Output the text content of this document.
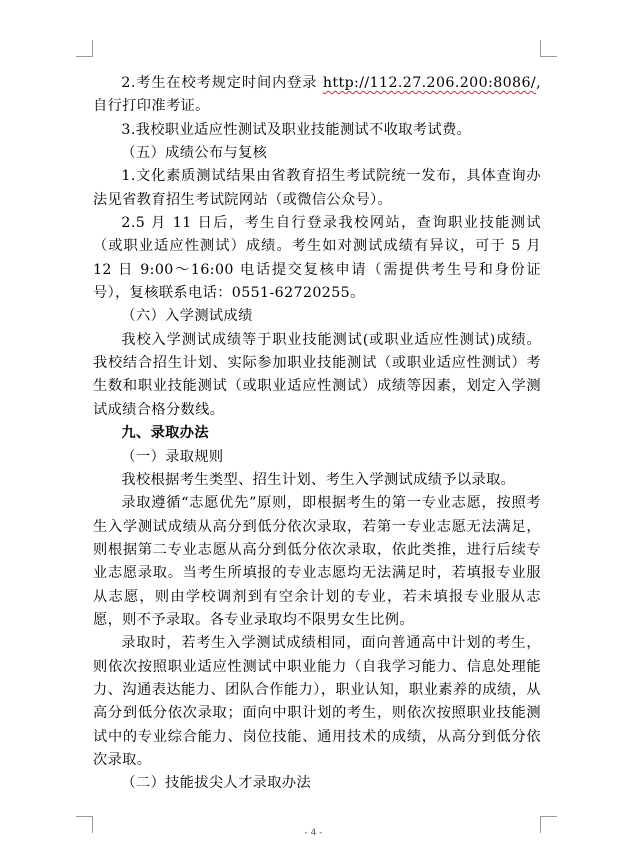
2.考生在校考规定时间内登录 http://112.27.206.200:8086/,自行打印准考证。

3.我校职业适应性测试及职业技能测试不收取考试费。

（五）成绩公布与复核

1.文化素质测试结果由省教育招生考试院统一发布，具体查询办法见省教育招生考试院网站（或微信公众号）。

2.5 月 11 日后，考生自行登录我校网站，查询职业技能测试（或职业适应性测试）成绩。考生如对测试成绩有异议，可于 5 月 12 日 9:00～16:00 电话提交复核申请（需提供考生号和身份证号），复核联系电话：0551-62720255。

（六）入学测试成绩

我校入学测试成绩等于职业技能测试(或职业适应性测试)成绩。我校结合招生计划、实际参加职业技能测试（或职业适应性测试）考生数和职业技能测试（或职业适应性测试）成绩等因素，划定入学测试成绩合格分数线。

九、录取办法

（一）录取规则

我校根据考生类型、招生计划、考生入学测试成绩予以录取。

录取遵循“志愿优先”原则，即根据考生的第一专业志愿，按照考生入学测试成绩从高分到低分依次录取，若第一专业志愿无法满足，则根据第二专业志愿从高分到低分依次录取，依此类推，进行后续专业志愿录取。当考生所填报的专业志愿均无法满足时，若填报专业服从志愿，则由学校调剂到有空余计划的专业，若未填报专业服从志愿，则不予录取。各专业录取均不限男女生比例。

录取时，若考生入学测试成绩相同，面向普通高中计划的考生，则依次按照职业适应性测试中职业能力（自我学习能力、信息处理能力、沟通表达能力、团队合作能力），职业认知，职业素养的成绩，从高分到低分依次录取；面向中职计划的考生，则依次按照职业技能测试中的专业综合能力、岗位技能、通用技术的成绩，从高分到低分依次录取。

（二）技能拔尖人才录取办法

- 4 -
